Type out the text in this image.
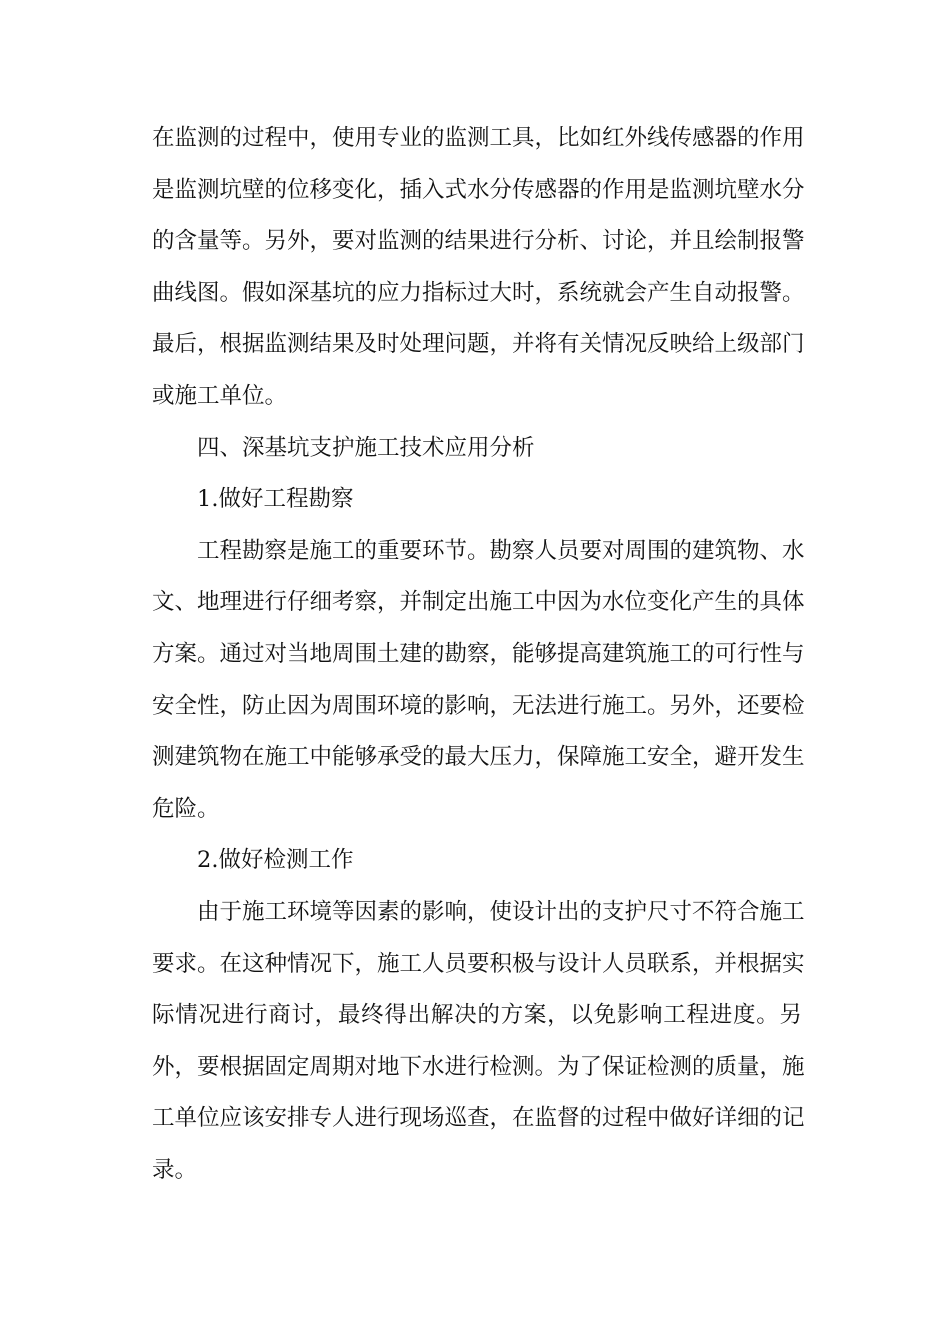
在监测的过程中，使用专业的监测工具，比如红外线传感器的作用
是监测坑壁的位移变化，插入式水分传感器的作用是监测坑壁水分
的含量等。另外，要对监测的结果进行分析、讨论，并且绘制报警
曲线图。假如深基坑的应力指标过大时，系统就会产生自动报警。
最后，根据监测结果及时处理问题，并将有关情况反映给上级部门
或施工单位。
四、深基坑支护施工技术应用分析
1.做好工程勘察
工程勘察是施工的重要环节。勘察人员要对周围的建筑物、水
文、地理进行仔细考察，并制定出施工中因为水位变化产生的具体
方案。通过对当地周围土建的勘察，能够提高建筑施工的可行性与
安全性，防止因为周围环境的影响，无法进行施工。另外，还要检
测建筑物在施工中能够承受的最大压力，保障施工安全，避开发生
危险。
2.做好检测工作
由于施工环境等因素的影响，使设计出的支护尺寸不符合施工
要求。在这种情况下，施工人员要积极与设计人员联系，并根据实
际情况进行商讨，最终得出解决的方案，以免影响工程进度。另
外，要根据固定周期对地下水进行检测。为了保证检测的质量，施
工单位应该安排专人进行现场巡查，在监督的过程中做好详细的记
录。
